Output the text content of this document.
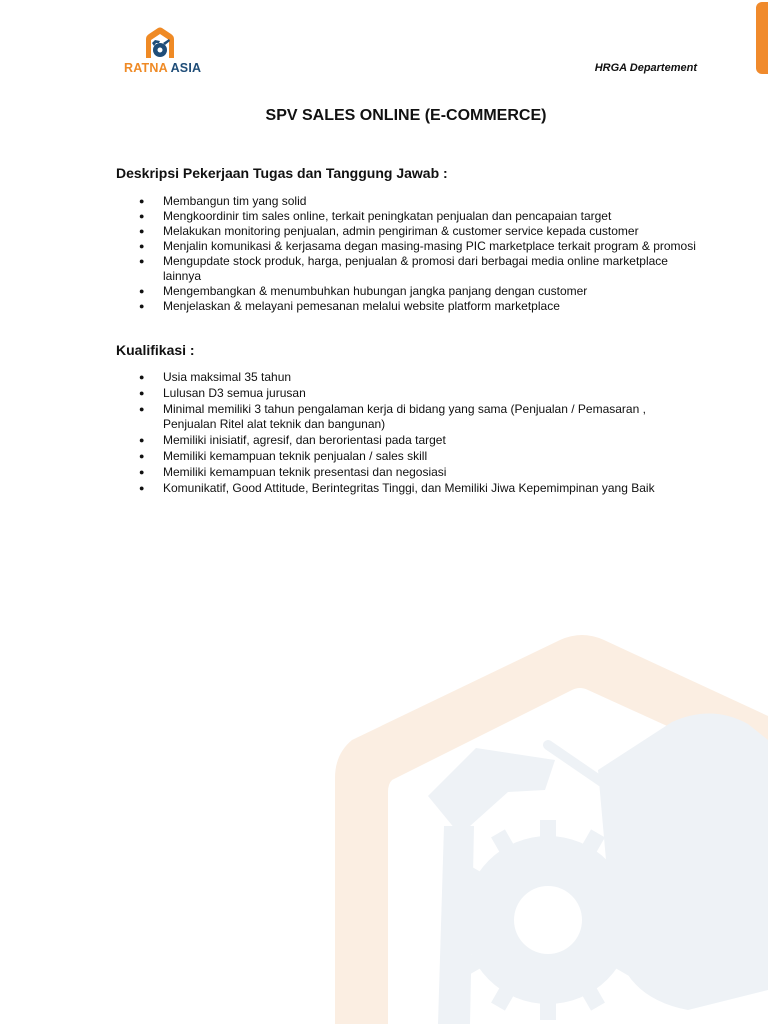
RATNA ASIA	HRGA Departement
SPV SALES ONLINE (E-COMMERCE)
Deskripsi Pekerjaan Tugas dan Tanggung Jawab :
● Membangun tim yang solid
● Mengkoordinir tim sales online, terkait peningkatan penjualan dan pencapaian target
● Melakukan monitoring penjualan, admin pengiriman & customer service kepada customer
● Menjalin komunikasi & kerjasama degan masing-masing PIC marketplace terkait program & promosi
● Mengupdate stock produk, harga, penjualan & promosi dari berbagai media online marketplace lainnya
● Mengembangkan & menumbuhkan hubungan jangka panjang dengan customer
● Menjelaskan & melayani pemesanan melalui website platform marketplace
Kualifikasi :
● Usia maksimal 35 tahun
● Lulusan D3 semua jurusan
● Minimal memiliki 3 tahun pengalaman kerja di bidang yang sama (Penjualan / Pemasaran , Penjualan Ritel alat teknik dan bangunan)
● Memiliki inisiatif, agresif, dan berorientasi pada target
● Memiliki kemampuan teknik penjualan / sales skill
● Memiliki kemampuan teknik presentasi dan negosiasi
● Komunikatif, Good Attitude, Berintegritas Tinggi, dan Memiliki Jiwa Kepemimpinan yang Baik
